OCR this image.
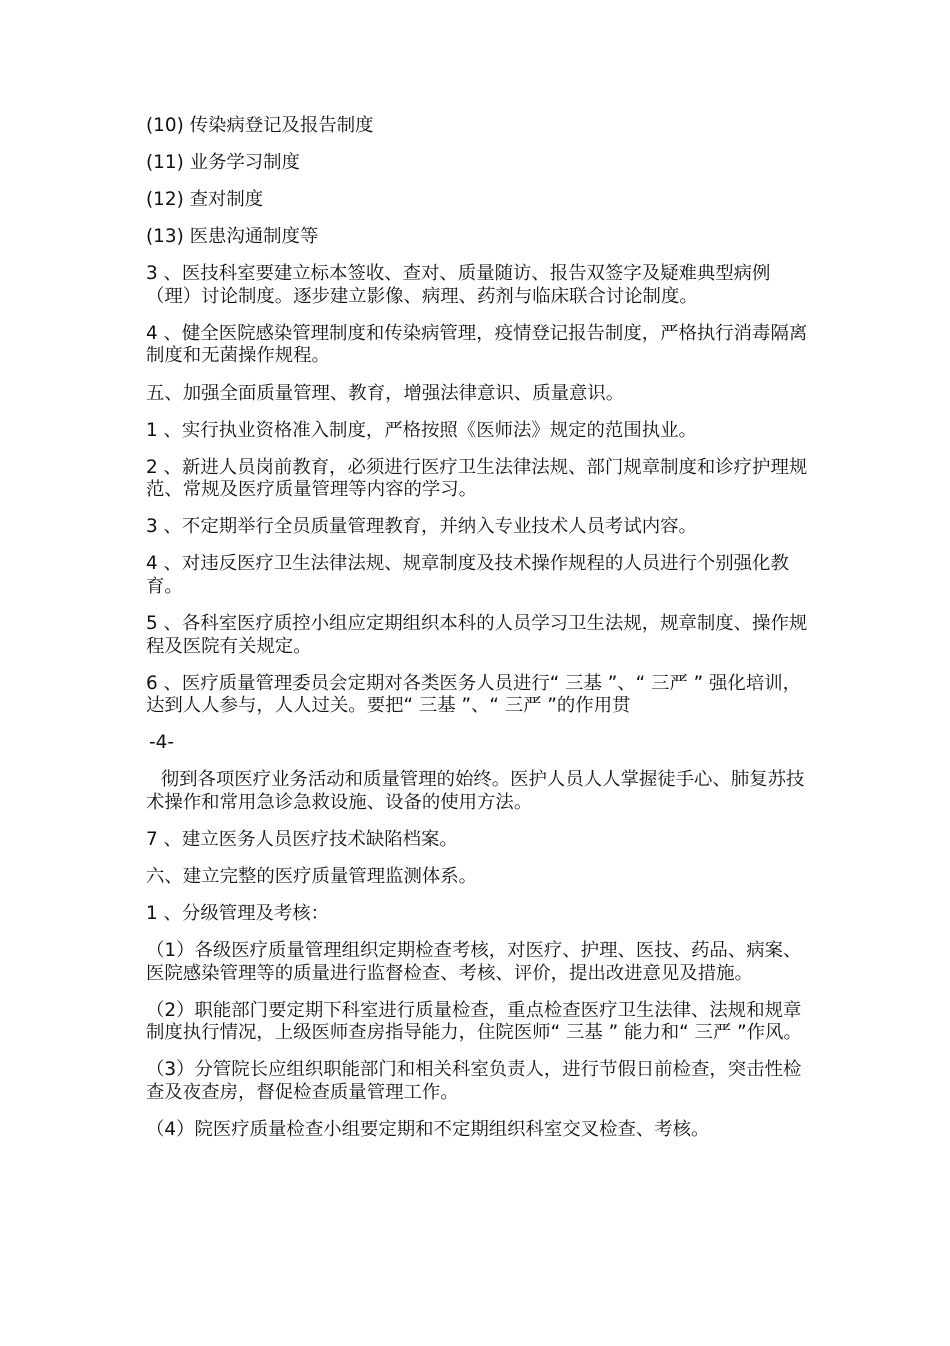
(10) 传染病登记及报告制度

(11) 业务学习制度

(12) 查对制度

(13) 医患沟通制度等

3 、医技科室要建立标本签收、查对、质量随访、报告双签字及疑难典型病例（理）讨论制度。逐步建立影像、病理、药剂与临床联合讨论制度。

4 、健全医院感染管理制度和传染病管理，疫情登记报告制度，严格执行消毒隔离制度和无菌操作规程。

五、加强全面质量管理、教育，增强法律意识、质量意识。

1 、实行执业资格准入制度，严格按照《医师法》规定的范围执业。

2 、新进人员岗前教育，必须进行医疗卫生法律法规、部门规章制度和诊疗护理规范、常规及医疗质量管理等内容的学习。

3 、不定期举行全员质量管理教育，并纳入专业技术人员考试内容。

4 、对违反医疗卫生法律法规、规章制度及技术操作规程的人员进行个别强化教育。

5 、各科室医疗质控小组应定期组织本科的人员学习卫生法规，规章制度、操作规程及医院有关规定。

6 、医疗质量管理委员会定期对各类医务人员进行“ 三基 ”、“ 三严 ” 强化培训，达到人人参与，人人过关。要把“ 三基 ”、“ 三严 ”的作用贯

-4-

彻到各项医疗业务活动和质量管理的始终。医护人员人人掌握徒手心、肺复苏技术操作和常用急诊急救设施、设备的使用方法。

7 、建立医务人员医疗技术缺陷档案。

六、建立完整的医疗质量管理监测体系。

1 、分级管理及考核：

（1）各级医疗质量管理组织定期检查考核，对医疗、护理、医技、药品、病案、医院感染管理等的质量进行监督检查、考核、评价，提出改进意见及措施。

（2）职能部门要定期下科室进行质量检查，重点检查医疗卫生法律、法规和规章制度执行情况，上级医师查房指导能力，住院医师“ 三基 ” 能力和“ 三严 ”作风。

（3）分管院长应组织职能部门和相关科室负责人，进行节假日前检查，突击性检查及夜查房，督促检查质量管理工作。

（4）院医疗质量检查小组要定期和不定期组织科室交叉检查、考核。
